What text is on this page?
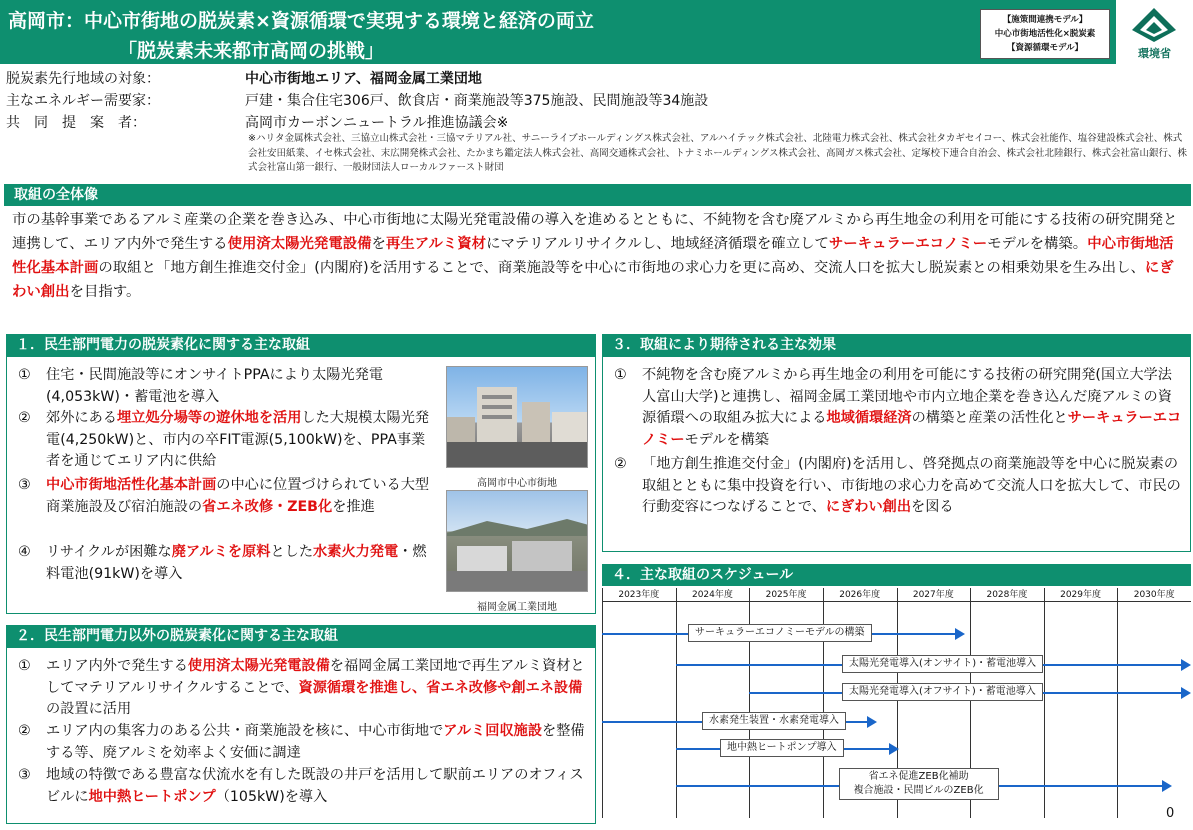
高岡市：中心市街地の脱炭素×資源循環で実現する環境と経済の両立
「脱炭素未来都市高岡の挑戦」
【施策間連携モデル】
中心市街地活性化×脱炭素
【資源循環モデル】	環境省
脱炭素先行地域の対象：	中心市街地エリア、福岡金属工業団地
主なエネルギー需要家：	戸建・集合住宅306戸、飲食店・商業施設等375施設、民間施設等34施設
共　同　提　案　者：	高岡市カーボンニュートラル推進協議会※
※ハリタ金属株式会社、三協立山株式会社・三協マテリアル社、サニーライブホールディングス株式会社、アルハイテック株式会社、北陸電力株式会社、株式会社タカギセイコー、株式会社能作、塩谷建設株式会社、株式会社安田紙業、イセ株式会社、末広開発株式会社、たかまち鑑定法人株式会社、高岡交通株式会社、トナミホールディングス株式会社、高岡ガス株式会社、定塚校下連合自治会、株式会社北陸銀行、株式会社富山銀行、株式会社富山第一銀行、一般財団法人ローカルファースト財団
取組の全体像
市の基幹事業であるアルミ産業の企業を巻き込み、中心市街地に太陽光発電設備の導入を進めるとともに、不純物を含む廃アルミから再生地金の利用を可能にする技術の研究開発と連携して、エリア内外で発生する使用済太陽光発電設備を再生アルミ資材にマテリアルリサイクルし、地域経済循環を確立してサーキュラーエコノミーモデルを構築。中心市街地活性化基本計画の取組と「地方創生推進交付金」(内閣府)を活用することで、商業施設等を中心に市街地の求心力を更に高め、交流人口を拡大し脱炭素との相乗効果を生み出し、にぎわい創出を目指す。
１．民生部門電力の脱炭素化に関する主な取組
①	住宅・民間施設等にオンサイトPPAにより太陽光発電(4,053kW)・蓄電池を導入
②	郊外にある埋立処分場等の遊休地を活用した大規模太陽光発電(4,250kW)と、市内の卒FIT電源(5,100kW)を、PPA事業者を通じてエリア内に供給
③	中心市街地活性化基本計画の中心に位置づけられている大型商業施設及び宿泊施設の省エネ改修・ZEB化を推進
④	リサイクルが困難な廃アルミを原料とした水素火力発電・燃料電池(91kW)を導入
高岡市中心市街地
福岡金属工業団地
２．民生部門電力以外の脱炭素化に関する主な取組
①	エリア内外で発生する使用済太陽光発電設備を福岡金属工業団地で再生アルミ資材としてマテリアルリサイクルすることで、資源循環を推進し、省エネ改修や創エネ設備の設置に活用
②	エリア内の集客力のある公共・商業施設を核に、中心市街地でアルミ回収施設を整備する等、廃アルミを効率よく安価に調達
③	地域の特徴である豊富な伏流水を有した既設の井戸を活用して駅前エリアのオフィスビルに地中熱ヒートポンプ（105kW)を導入
３．取組により期待される主な効果
①	不純物を含む廃アルミから再生地金の利用を可能にする技術の研究開発(国立大学法人富山大学)と連携し、福岡金属工業団地や市内立地企業を巻き込んだ廃アルミの資源循環への取組み拡大による地域循環経済の構築と産業の活性化とサーキュラーエコノミーモデルを構築
②	「地方創生推進交付金」(内閣府)を活用し、啓発拠点の商業施設等を中心に脱炭素の取組とともに集中投資を行い、市街地の求心力を高めて交流人口を拡大して、市民の行動変容につなげることで、にぎわい創出を図る
４．主な取組のスケジュール
2023年度	2024年度	2025年度	2026年度	2027年度	2028年度	2029年度	2030年度
サーキュラーエコノミーモデルの構築
太陽光発電導入(オンサイト)・蓄電池導入
太陽光発電導入(オフサイト)・蓄電池導入
水素発生装置・水素発電導入
地中熱ヒートポンプ導入
省エネ促進ZEB化補助
複合施設・民間ビルのZEB化
0
